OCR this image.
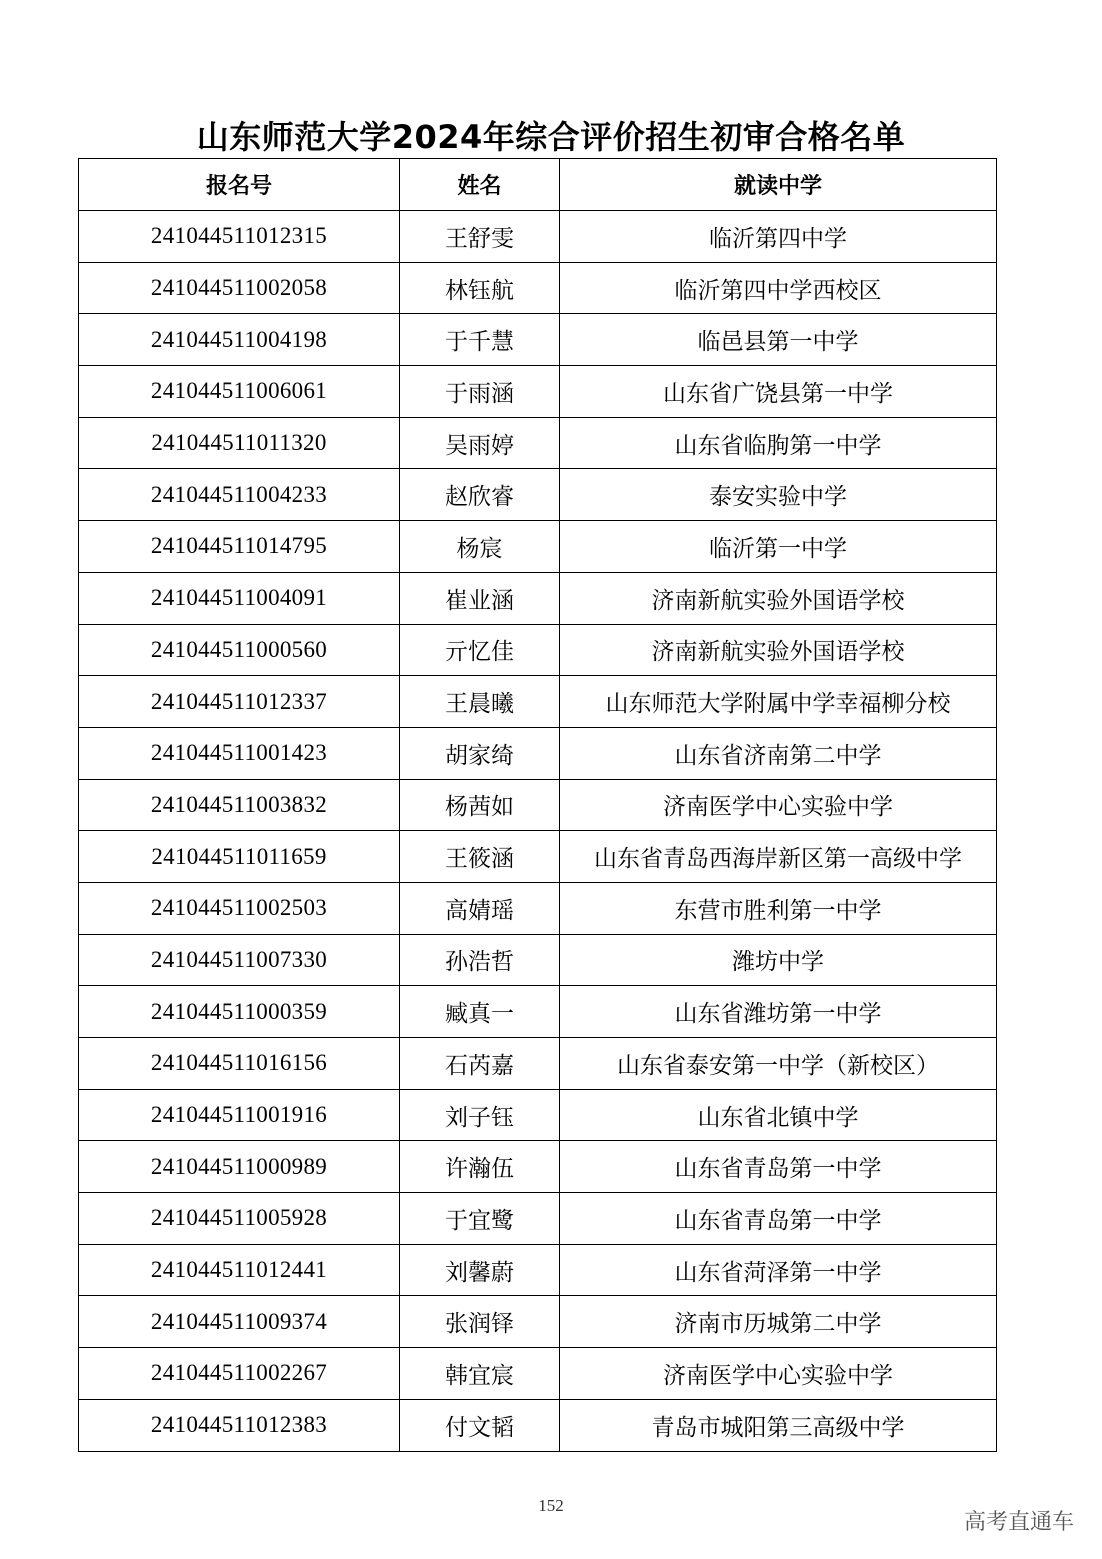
山东师范大学2024年综合评价招生初审合格名单
报名号	姓名	就读中学
241044511012315	王舒雯	临沂第四中学
241044511002058	林钰航	临沂第四中学西校区
241044511004198	于千慧	临邑县第一中学
241044511006061	于雨涵	山东省广饶县第一中学
241044511011320	吴雨婷	山东省临朐第一中学
241044511004233	赵欣睿	泰安实验中学
241044511014795	杨宸	临沂第一中学
241044511004091	崔业涵	济南新航实验外国语学校
241044511000560	亓忆佳	济南新航实验外国语学校
241044511012337	王晨曦	山东师范大学附属中学幸福柳分校
241044511001423	胡家绮	山东省济南第二中学
241044511003832	杨茜如	济南医学中心实验中学
241044511011659	王筱涵	山东省青岛西海岸新区第一高级中学
241044511002503	高婧瑶	东营市胜利第一中学
241044511007330	孙浩哲	潍坊中学
241044511000359	臧真一	山东省潍坊第一中学
241044511016156	石芮嘉	山东省泰安第一中学（新校区）
241044511001916	刘子钰	山东省北镇中学
241044511000989	许瀚伍	山东省青岛第一中学
241044511005928	于宜鹭	山东省青岛第一中学
241044511012441	刘馨蔚	山东省菏泽第一中学
241044511009374	张润铎	济南市历城第二中学
241044511002267	韩宜宸	济南医学中心实验中学
241044511012383	付文韬	青岛市城阳第三高级中学
152
高考直通车
